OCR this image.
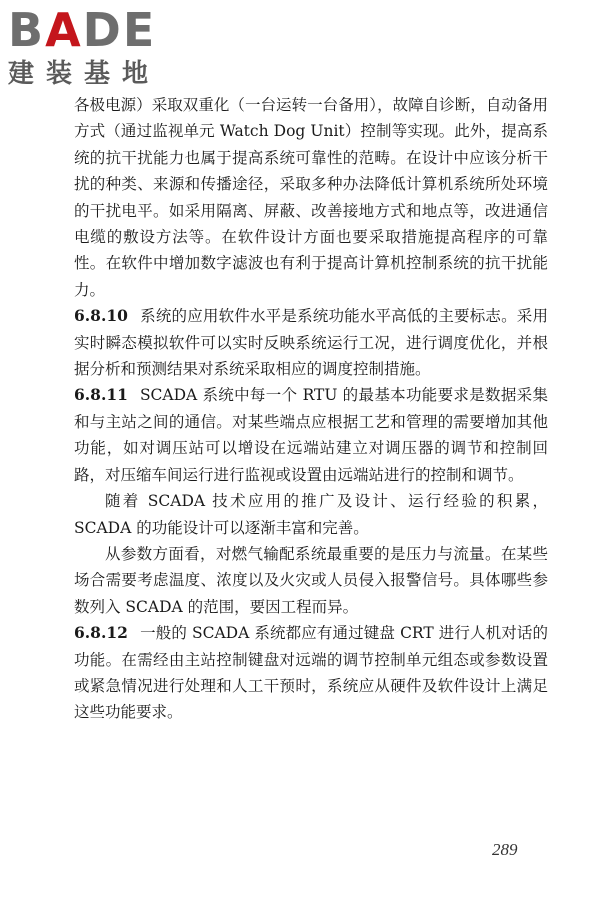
BADE
建装基地

各极电源）采取双重化（一台运转一台备用），故障自诊断，自动备用方式（通过监视单元 Watch Dog Unit）控制等实现。此外，提高系统的抗干扰能力也属于提高系统可靠性的范畴。在设计中应该分析干扰的种类、来源和传播途径，采取多种办法降低计算机系统所处环境的干扰电平。如采用隔离、屏蔽、改善接地方式和地点等，改进通信电缆的敷设方法等。在软件设计方面也要采取措施提高程序的可靠性。在软件中增加数字滤波也有利于提高计算机控制系统的抗干扰能力。

6.8.10 系统的应用软件水平是系统功能水平高低的主要标志。采用实时瞬态模拟软件可以实时反映系统运行工况，进行调度优化，并根据分析和预测结果对系统采取相应的调度控制措施。

6.8.11 SCADA 系统中每一个 RTU 的最基本功能要求是数据采集和与主站之间的通信。对某些端点应根据工艺和管理的需要增加其他功能，如对调压站可以增设在远端站建立对调压器的调节和控制回路，对压缩车间运行进行监视或设置由远端站进行的控制和调节。

随着 SCADA 技术应用的推广及设计、运行经验的积累，SCADA 的功能设计可以逐渐丰富和完善。

从参数方面看，对燃气输配系统最重要的是压力与流量。在某些场合需要考虑温度、浓度以及火灾或人员侵入报警信号。具体哪些参数列入 SCADA 的范围，要因工程而异。

6.8.12 一般的 SCADA 系统都应有通过键盘 CRT 进行人机对话的功能。在需经由主站控制键盘对远端的调节控制单元组态或参数设置或紧急情况进行处理和人工干预时，系统应从硬件及软件设计上满足这些功能要求。

289
